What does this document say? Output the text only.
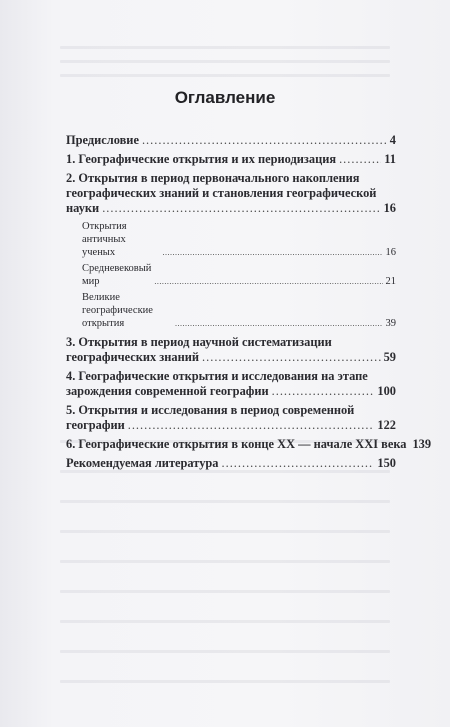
Оглавление
Предисловие .....	4
1. Географические открытия и их периодизация .....	11
2. Открытия в период первоначального накопления
географических знаний и становления географической
науки .....	16
Открытия античных ученых .....	16
Средневековый мир .....	21
Великие географические открытия .....	39
3. Открытия в период научной систематизации
географических знаний .....	59
4. Географические открытия и исследования на этапе
зарождения современной географии .....	100
5. Открытия и исследования в период современной
географии .....	122
6. Географические открытия в конце XX — начале XXI века 139
Рекомендуемая литература .....	150
